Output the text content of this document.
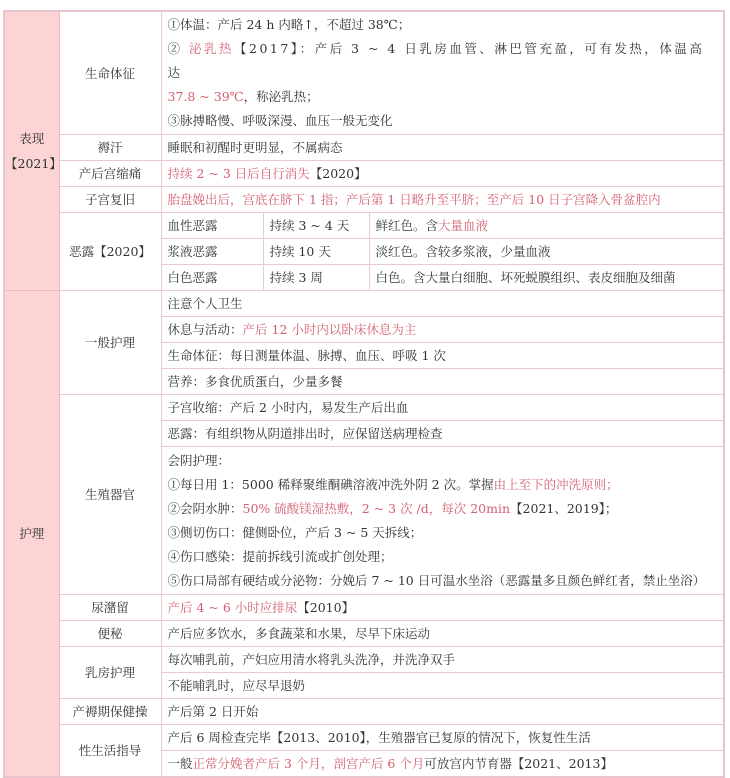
表现
【2021】	生命体征	
①体温：产后 24 h 内略↑，不超过 38℃；
② 泌乳热【2017】：产后 3 ~ 4 日乳房血管、淋巴管充盈，可有发热，体温高达
37.8 ~ 39℃，称泌乳热；
③脉搏略慢、呼吸深漫、血压一般无变化

	褥汗	睡眠和初醒时更明显，不属病态		
	产后宫缩痛	持续 2 ~ 3 日后自行消失【2020】		
	子宫复旧	胎盘娩出后，宫底在脐下 1 指；产后第 1 日略升至平脐；至产后 10 日子宫降入骨盆腔内		
	恶露【2020】	血性恶露	持续 3 ~ 4 天	鲜红色。含大量血液
		浆液恶露	持续 10 天	淡红色。含较多浆液，少量血液
		白色恶露	持续 3 周	白色。含大量白细胞、坏死蜕膜组织、表皮细胞及细菌

护理	一般护理	注意个人卫生		
		休息与活动：产后 12 小时内以卧床休息为主		
		生命体征：每日测量体温、脉搏、血压、呼吸 1 次		
		营养：多食优质蛋白，少量多餐		
	生殖器官	子宫收缩：产后 2 小时内，易发生产后出血		
		恶露：有组织物从阴道排出时，应保留送病理检查		

会阴护理：
①每日用 1：5000 稀释聚维酮碘溶液冲洗外阴 2 次。掌握由上至下的冲洗原则；
②会阴水肿：50% 硫酸镁湿热敷，2 ~ 3 次 /d，每次 20min【2021、2019】；
③侧切伤口：健侧卧位，产后 3 ~ 5 天拆线；
④伤口感染：提前拆线引流或扩创处理；
⑤伤口局部有硬结或分泌物：分娩后 7 ~ 10 日可温水坐浴（恶露量多且颜色鲜红者，禁止坐浴）

	尿潴留	产后 4 ~ 6 小时应排尿【2010】		
	便秘	产后应多饮水，多食蔬菜和水果，尽早下床运动		
	乳房护理	每次哺乳前，产妇应用清水将乳头洗净，并洗净双手		
		不能哺乳时，应尽早退奶		
	产褥期保健操	产后第 2 日开始		
	性生活指导	产后 6 周检查完毕【2013、2010】，生殖器官已复原的情况下，恢复性生活		
		一般正常分娩者产后 3 个月，剖宫产后 6 个月可放宫内节育器【2021、2013】		
